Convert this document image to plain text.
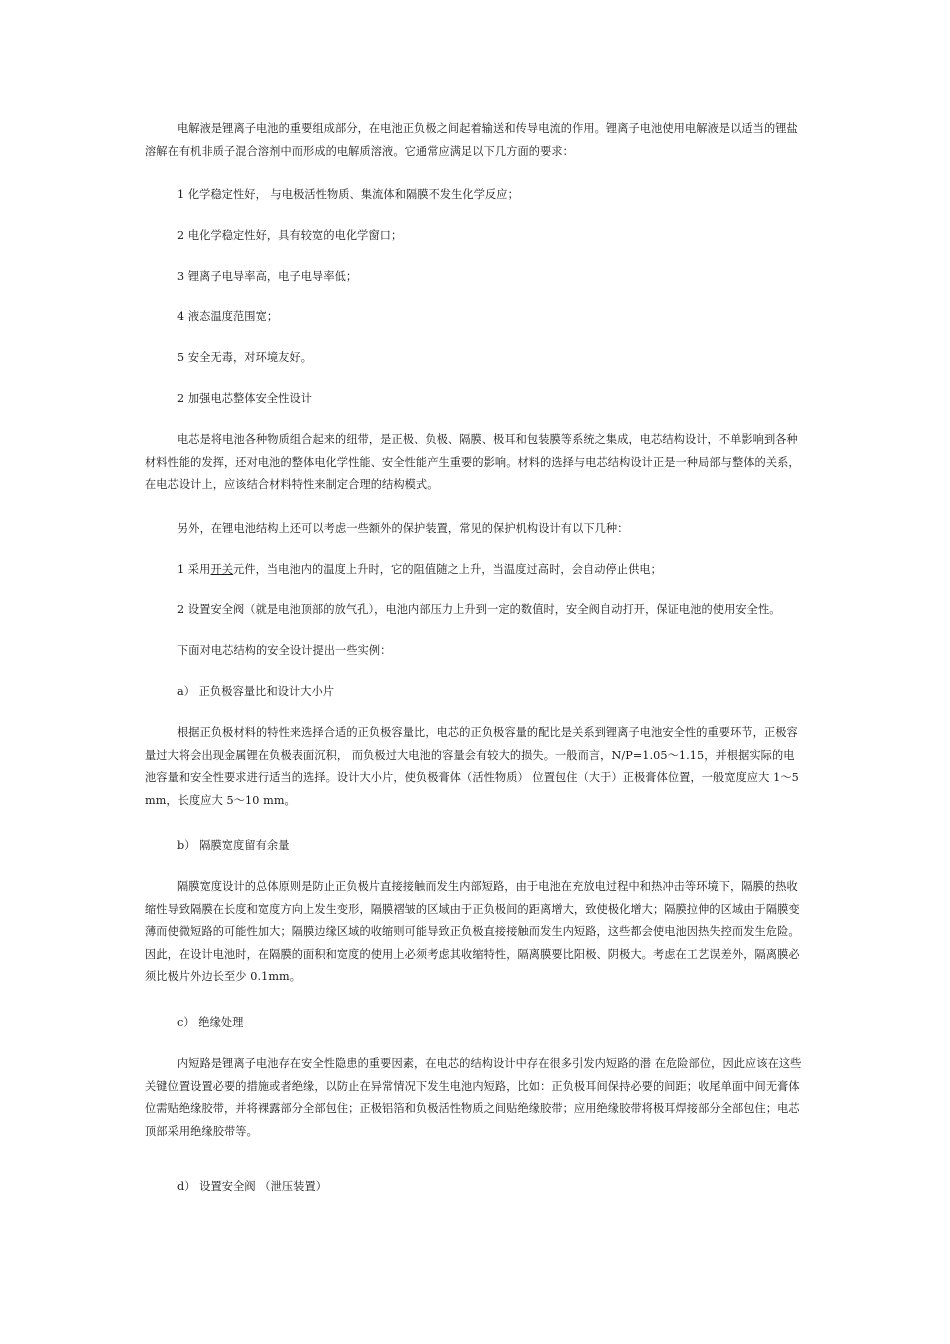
电解液是锂离子电池的重要组成部分，在电池正负极之间起着输送和传导电流的作用。锂离子电池使用电解液是以适当的锂盐溶解在有机非质子混合溶剂中而形成的电解质溶液。它通常应满足以下几方面的要求：

1 化学稳定性好， 与电极活性物质、集流体和隔膜不发生化学反应；

2 电化学稳定性好，具有较宽的电化学窗口；

3 锂离子电导率高，电子电导率低；

4 液态温度范围宽；

5 安全无毒，对环境友好。

2 加强电芯整体安全性设计

电芯是将电池各种物质组合起来的纽带，是正极、负极、隔膜、极耳和包装膜等系统之集成，电芯结构设计，不单影响到各种材料性能的发挥，还对电池的整体电化学性能、安全性能产生重要的影响。材料的选择与电芯结构设计正是一种局部与整体的关系，在电芯设计上，应该结合材料特性来制定合理的结构模式。

另外，在锂电池结构上还可以考虑一些额外的保护装置，常见的保护机构设计有以下几种：

1 采用开关元件，当电池内的温度上升时，它的阻值随之上升，当温度过高时，会自动停止供电；

2 设置安全阀（就是电池顶部的放气孔），电池内部压力上升到一定的数值时，安全阀自动打开，保证电池的使用安全性。

下面对电芯结构的安全设计提出一些实例：

a） 正负极容量比和设计大小片

根据正负极材料的特性来选择合适的正负极容量比，电芯的正负极容量的配比是关系到锂离子电池安全性的重要环节，正极容量过大将会出现金属锂在负极表面沉积， 而负极过大电池的容量会有较大的损失。一般而言，N/P=1.05～1.15，并根据实际的电池容量和安全性要求进行适当的选择。设计大小片，使负极膏体（活性物质） 位置包住（大于）正极膏体位置，一般宽度应大 1～5 mm，长度应大 5～10 mm。

b） 隔膜宽度留有余量

隔膜宽度设计的总体原则是防止正负极片直接接触而发生内部短路，由于电池在充放电过程中和热冲击等环境下，隔膜的热收缩性导致隔膜在长度和宽度方向上发生变形，隔膜褶皱的区域由于正负极间的距离增大，致使极化增大；隔膜拉伸的区域由于隔膜变薄而使微短路的可能性加大；隔膜边缘区域的收缩则可能导致正负极直接接触而发生内短路，这些都会使电池因热失控而发生危险。因此，在设计电池时，在隔膜的面积和宽度的使用上必须考虑其收缩特性，隔离膜要比阳极、阴极大。考虑在工艺误差外，隔离膜必须比极片外边长至少 0.1mm。

c） 绝缘处理

内短路是锂离子电池存在安全性隐患的重要因素，在电芯的结构设计中存在很多引发内短路的潜 在危险部位，因此应该在这些关键位置设置必要的措施或者绝缘，以防止在异常情况下发生电池内短路，比如：正负极耳间保持必要的间距；收尾单面中间无膏体位需贴绝缘胶带，并将裸露部分全部包住；正极铝箔和负极活性物质之间贴绝缘胶带；应用绝缘胶带将极耳焊接部分全部包住；电芯顶部采用绝缘胶带等。

d） 设置安全阀 （泄压装置）
